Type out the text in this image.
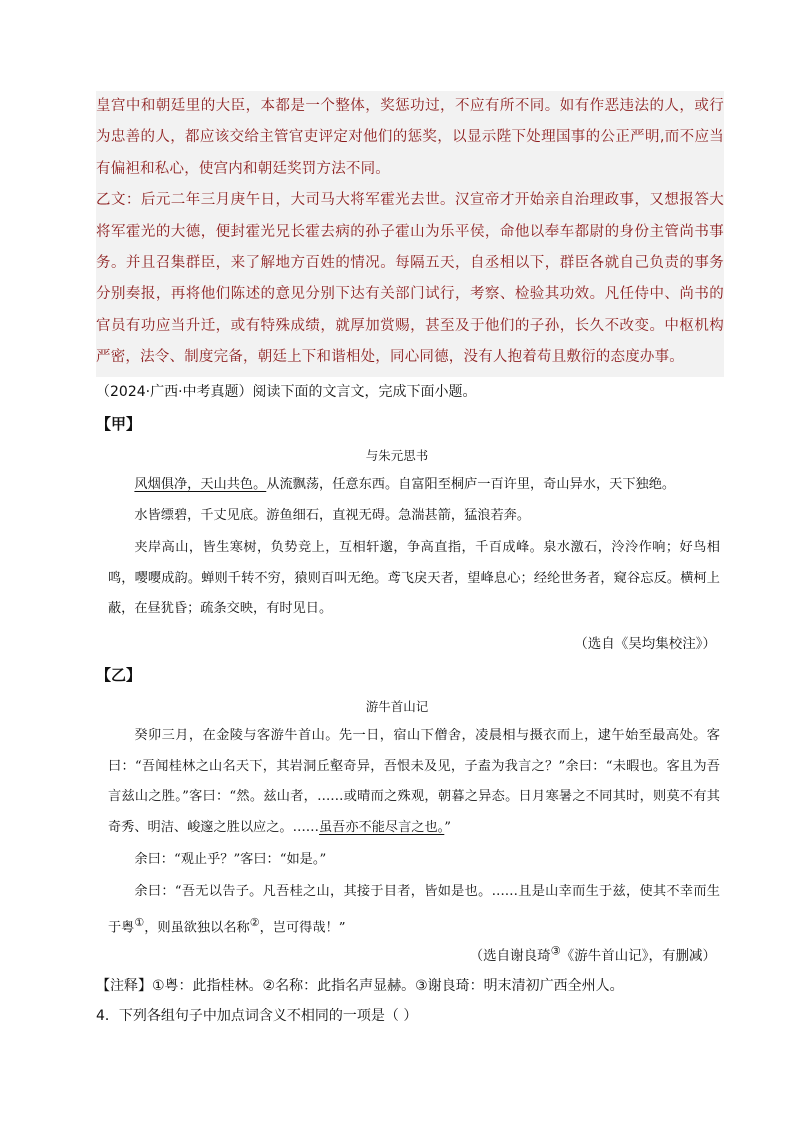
皇宫中和朝廷里的大臣，本都是一个整体，奖惩功过，不应有所不同。如有作恶违法的人，或行为忠善的人，都应该交给主管官吏评定对他们的惩奖，以显示陛下处理国事的公正严明,而不应当有偏袒和私心，使宫内和朝廷奖罚方法不同。

乙文：后元二年三月庚午日，大司马大将军霍光去世。汉宣帝才开始亲自治理政事，又想报答大将军霍光的大德，便封霍光兄长霍去病的孙子霍山为乐平侯，命他以奉车都尉的身份主管尚书事务。并且召集群臣，来了解地方百姓的情况。每隔五天，自丞相以下，群臣各就自己负责的事务分别奏报，再将他们陈述的意见分别下达有关部门试行，考察、检验其功效。凡任侍中、尚书的官员有功应当升迁，或有特殊成绩，就厚加赏赐，甚至及于他们的子孙，长久不改变。中枢机构严密，法令、制度完备，朝廷上下和谐相处，同心同德，没有人抱着苟且敷衍的态度办事。

（2024·广西·中考真题）阅读下面的文言文，完成下面小题。
【甲】
与朱元思书

风烟俱净，天山共色。从流飘荡，任意东西。自富阳至桐庐一百许里，奇山异水，天下独绝。

水皆缥碧，千丈见底。游鱼细石，直视无碍。急湍甚箭，猛浪若奔。

夹岸高山，皆生寒树，负势竞上，互相轩邈，争高直指，千百成峰。泉水激石，泠泠作响；好鸟相鸣，嘤嘤成韵。蝉则千转不穷，猿则百叫无绝。鸢飞戾天者，望峰息心；经纶世务者，窥谷忘反。横柯上蔽，在昼犹昏；疏条交映，有时见日。

（选自《吴均集校注》）
【乙】
游牛首山记

癸卯三月，在金陵与客游牛首山。先一日，宿山下僧舍，凌晨相与摄衣而上，逮午始至最高处。客曰：“吾闻桂林之山名天下，其岩洞丘壑奇异，吾恨未及见，子盍为我言之？”余曰：“未暇也。客且为吾言兹山之胜。”客曰：“然。兹山者，……或晴而之殊观，朝暮之异态。日月寒暑之不同其时，则莫不有其奇秀、明洁、峻邃之胜以应之。……虽吾亦不能尽言之也。”

余曰：“观止乎？”客曰：“如是。”

余曰：“吾无以告子。凡吾桂之山，其接于目者，皆如是也。……且是山幸而生于兹，使其不幸而生于粤①，则虽欲独以名称②，岂可得哉！”

（选自谢良琦③《游牛首山记》，有删减）
【注释】①粤：此指桂林。②名称：此指名声显赫。③谢良琦：明末清初广西全州人。
4．下列各组句子中加点词含义不相同的一项是（ ）
